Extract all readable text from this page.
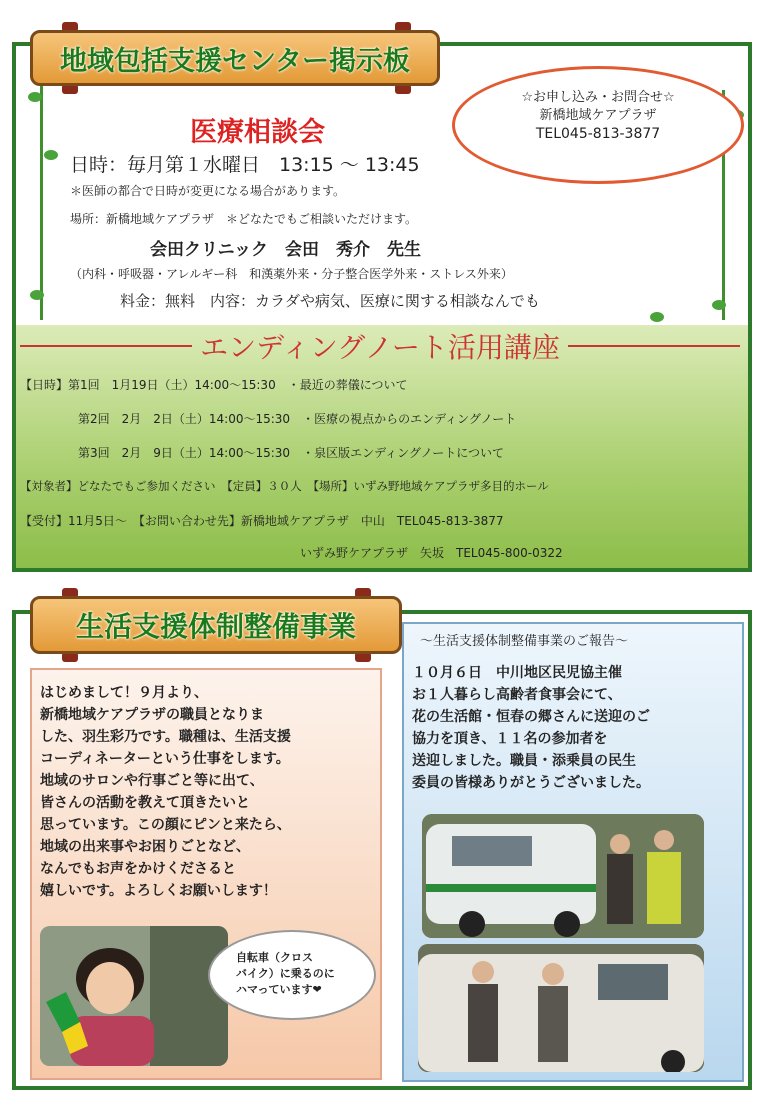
地域包括支援センター掲示板
☆お申し込み・お問合せ☆
新橋地域ケアプラザ
TEL045-813-3877
医療相談会
日時：毎月第１水曜日　13:15 ～ 13:45
＊医師の都合で日時が変更になる場合があります。
場所：新橋地域ケアプラザ　＊どなたでもご相談いただけます。
会田クリニック　会田　秀介　先生
（内科・呼吸器・アレルギー科　和漢薬外来・分子整合医学外来・ストレス外来）
料金：無料　内容：カラダや病気、医療に関する相談なんでも
エンディングノート活用講座
【日時】第1回　1月19日（土）14:00～15:30　・最近の葬儀について
第2回　2月　2日（土）14:00～15:30　・医療の視点からのエンディングノート
第3回　2月　9日（土）14:00～15:30　・泉区版エンディングノートについて
【対象者】どなたでもご参加ください　【定員】３０人　【場所】いずみ野地域ケアプラザ多目的ホール
【受付】11月5日～　【お問い合わせ先】新橋地域ケアプラザ　中山　TEL045-813-3877
いずみ野ケアプラザ　矢坂　TEL045-800-0322
生活支援体制整備事業
はじめまして！９月より、
新橋地域ケアプラザの職員となりま
した、羽生彩乃です。職種は、生活支援
コーディネーターという仕事をします。
地域のサロンや行事ごと等に出て、
皆さんの活動を教えて頂きたいと
思っています。この顔にピンと来たら、
地域の出来事やお困りごとなど、
なんでもお声をかけくださると
嬉しいです。よろしくお願いします！
自転車（クロス
バイク）に乗るのに
ハマっています❤
～生活支援体制整備事業のご報告～
１０月６日　中川地区民児協主催
お１人暮らし高齢者食事会にて、
花の生活館・恒春の郷さんに送迎のご
協力を頂き、１１名の参加者を
送迎しました。職員・添乗員の民生
委員の皆様ありがとうございました。
